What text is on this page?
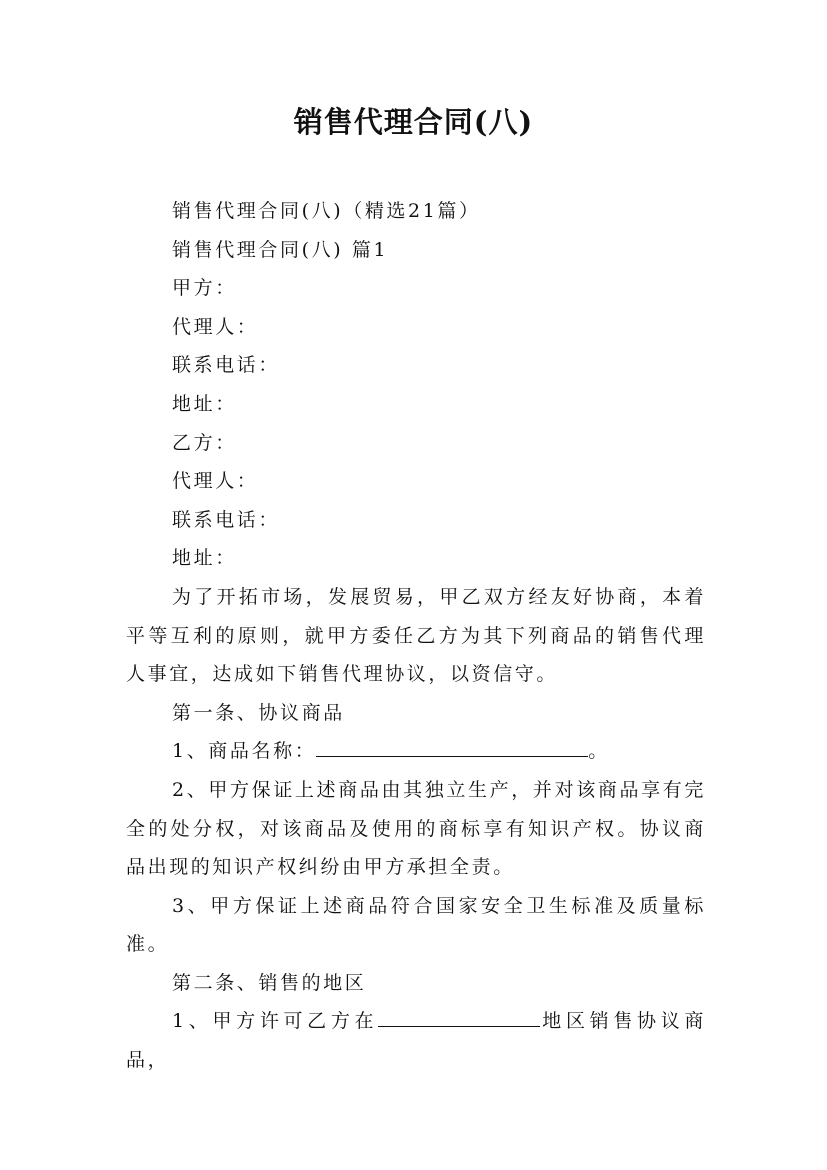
销售代理合同(八)

销售代理合同(八)（精选21篇）

销售代理合同(八) 篇1

甲方：

代理人：

联系电话：

地址：

乙方：

代理人：

联系电话：

地址：

为了开拓市场，发展贸易，甲乙双方经友好协商，本着平等互利的原则，就甲方委任乙方为其下列商品的销售代理人事宜，达成如下销售代理协议，以资信守。

第一条、协议商品

1、商品名称：	。

2、甲方保证上述商品由其独立生产，并对该商品享有完全的处分权，对该商品及使用的商标享有知识产权。协议商品出现的知识产权纠纷由甲方承担全责。

3、甲方保证上述商品符合国家安全卫生标准及质量标准。

第二条、销售的地区

1、甲方许可乙方在	地区销售协议商品，
